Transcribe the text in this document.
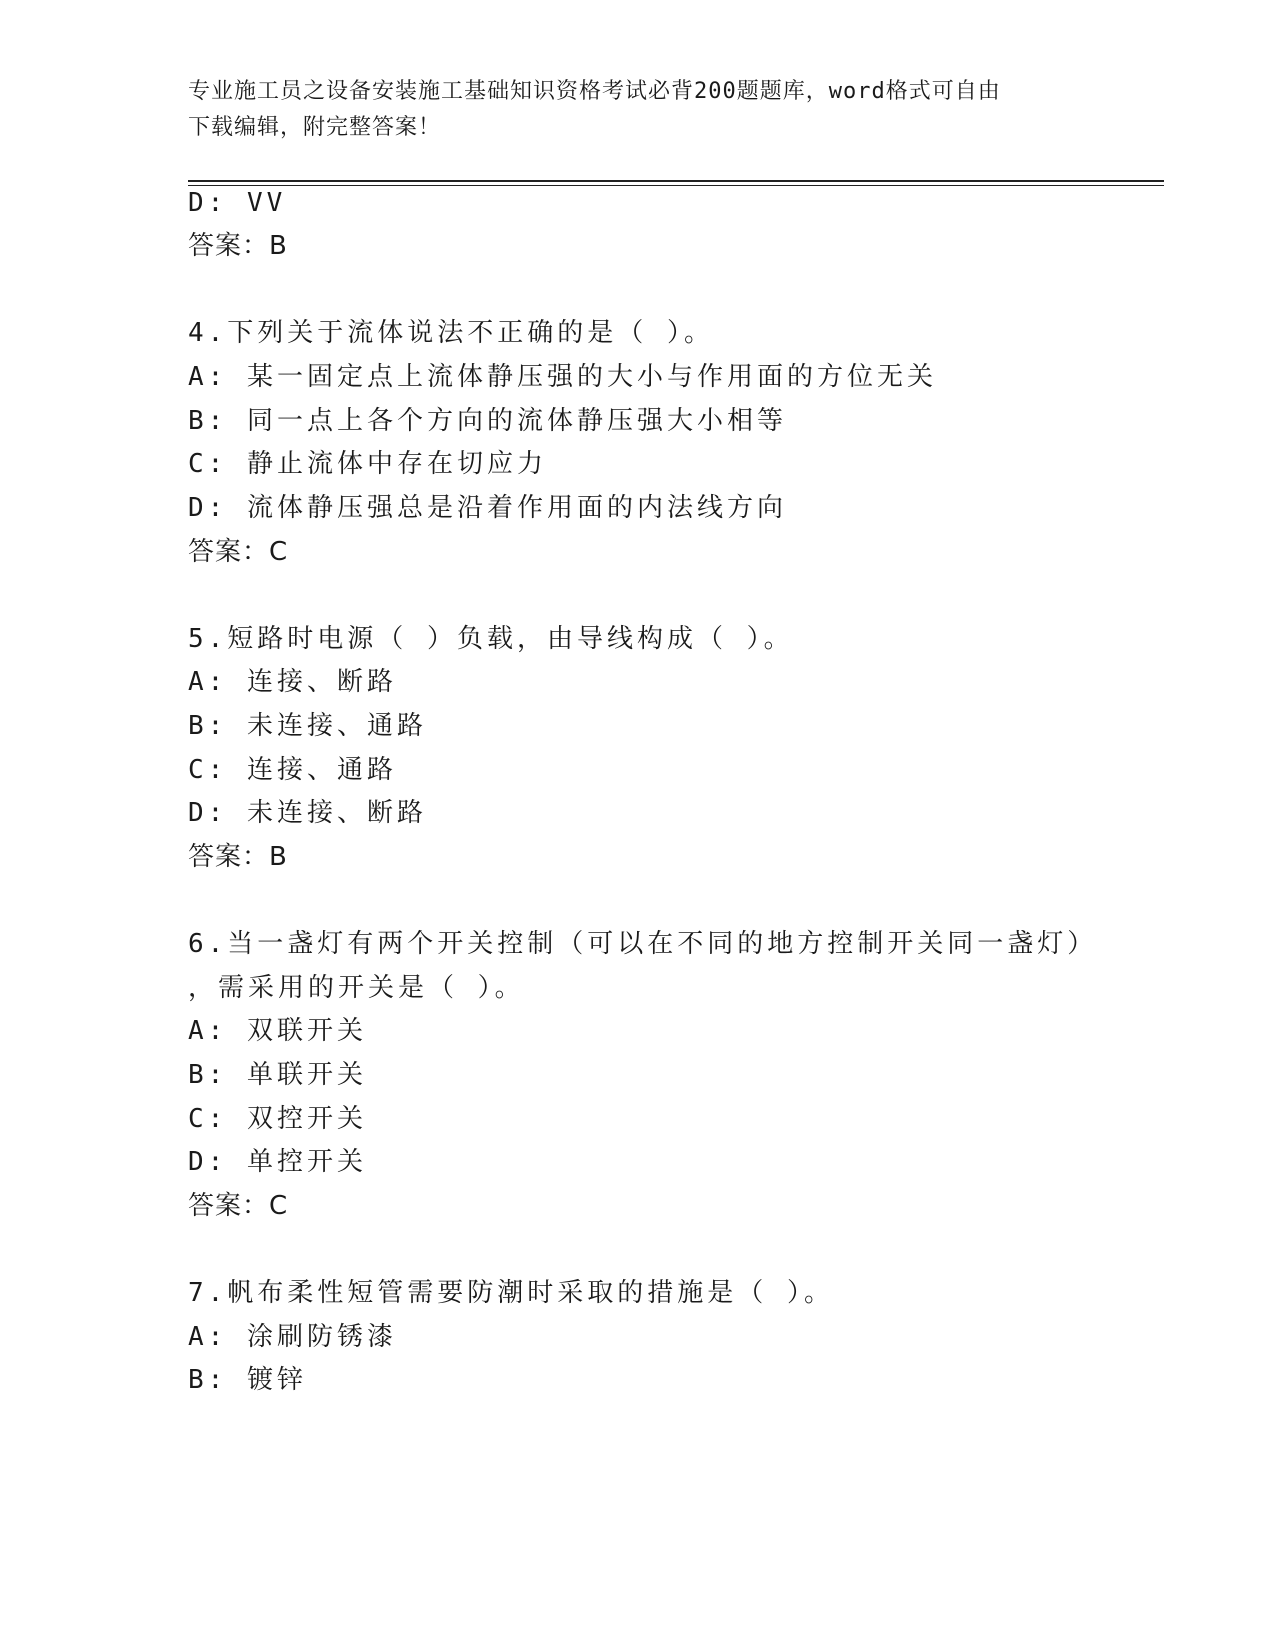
专业施工员之设备安装施工基础知识资格考试必背200题题库，word格式可自由
下载编辑，附完整答案！
D: VV
答案：B
4.下列关于流体说法不正确的是（ ）。
A: 某一固定点上流体静压强的大小与作用面的方位无关
B: 同一点上各个方向的流体静压强大小相等
C: 静止流体中存在切应力
D: 流体静压强总是沿着作用面的内法线方向
答案：C
5.短路时电源（ ）负载，由导线构成（ ）。
A: 连接、断路
B: 未连接、通路
C: 连接、通路
D: 未连接、断路
答案：B
6.当一盏灯有两个开关控制（可以在不同的地方控制开关同一盏灯）
，需采用的开关是（ ）。
A: 双联开关
B: 单联开关
C: 双控开关
D: 单控开关
答案：C
7.帆布柔性短管需要防潮时采取的措施是（ ）。
A: 涂刷防锈漆
B: 镀锌
